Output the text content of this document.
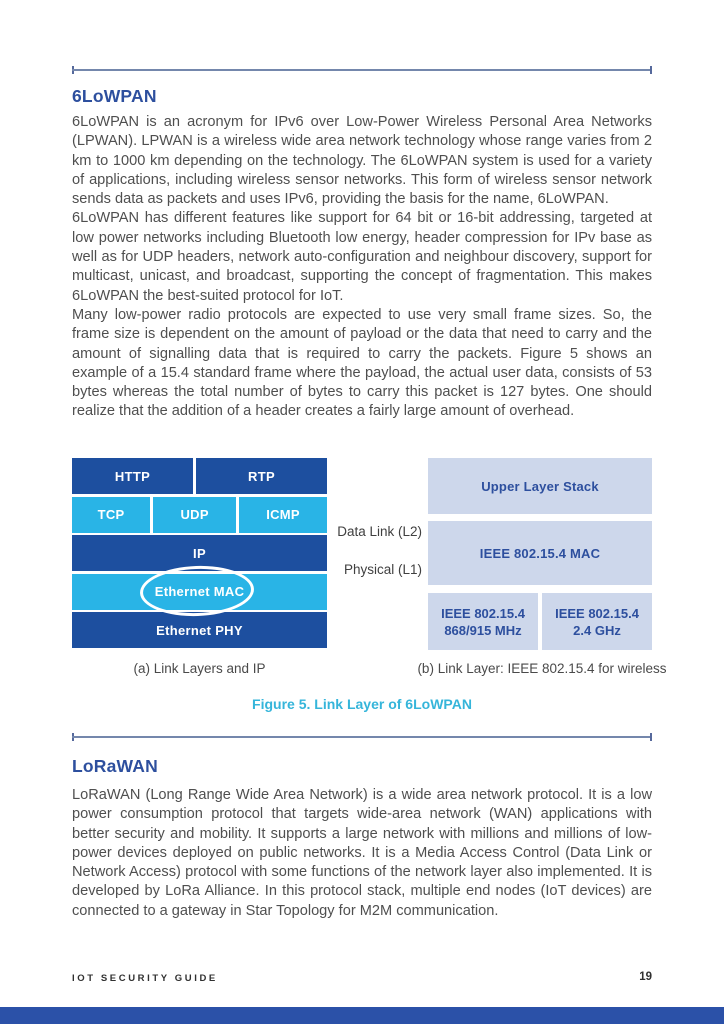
6LoWPAN

6LoWPAN is an acronym for IPv6 over Low-Power Wireless Personal Area Networks (LPWAN). LPWAN is a wireless wide area network technology whose range varies from 2 km to 1000 km depending on the technology. The 6LoWPAN system is used for a variety of applications, including wireless sensor networks. This form of wireless sensor network sends data as packets and uses IPv6, providing the basis for the name, 6LoWPAN.

6LoWPAN has different features like support for 64 bit or 16-bit addressing, targeted at low power networks including Bluetooth low energy, header compression for IPv base as well as for UDP headers, network auto-configuration and neighbour discovery, support for multicast, unicast, and broadcast, supporting the concept of fragmentation. This makes 6LoWPAN the best-suited protocol for IoT.

Many low-power radio protocols are expected to use very small frame sizes. So, the frame size is dependent on the amount of payload or the data that need to carry and the amount of signalling data that is required to carry the packets. Figure 5 shows an example of a 15.4 standard frame where the payload, the actual user data, consists of 53 bytes whereas the total number of bytes to carry this packet is 127 bytes. One should realize that the addition of a header creates a fairly large amount of overhead.

HTTP	RTP
TCP	UDP	ICMP
IP
Ethernet MAC
Ethernet PHY
Data Link (L2)
Physical (L1)
Upper Layer Stack
IEEE 802.15.4 MAC
IEEE 802.15.4
868/915 MHz
IEEE 802.15.4
2.4 GHz
(a) Link Layers and IP	(b) Link Layer: IEEE 802.15.4 for wireless
Figure 5. Link Layer of 6LoWPAN
LoRaWAN

LoRaWAN (Long Range Wide Area Network) is a wide area network protocol. It is a low power consumption protocol that targets wide-area network (WAN) applications with better security and mobility. It supports a large network with millions and millions of low-power devices deployed on public networks. It is a Media Access Control (Data Link or Network Access) protocol with some functions of the network layer also implemented. It is developed by LoRa Alliance. In this protocol stack, multiple end nodes (IoT devices) are connected to a gateway in Star Topology for M2M communication.

IOT SECURITY GUIDE	19
